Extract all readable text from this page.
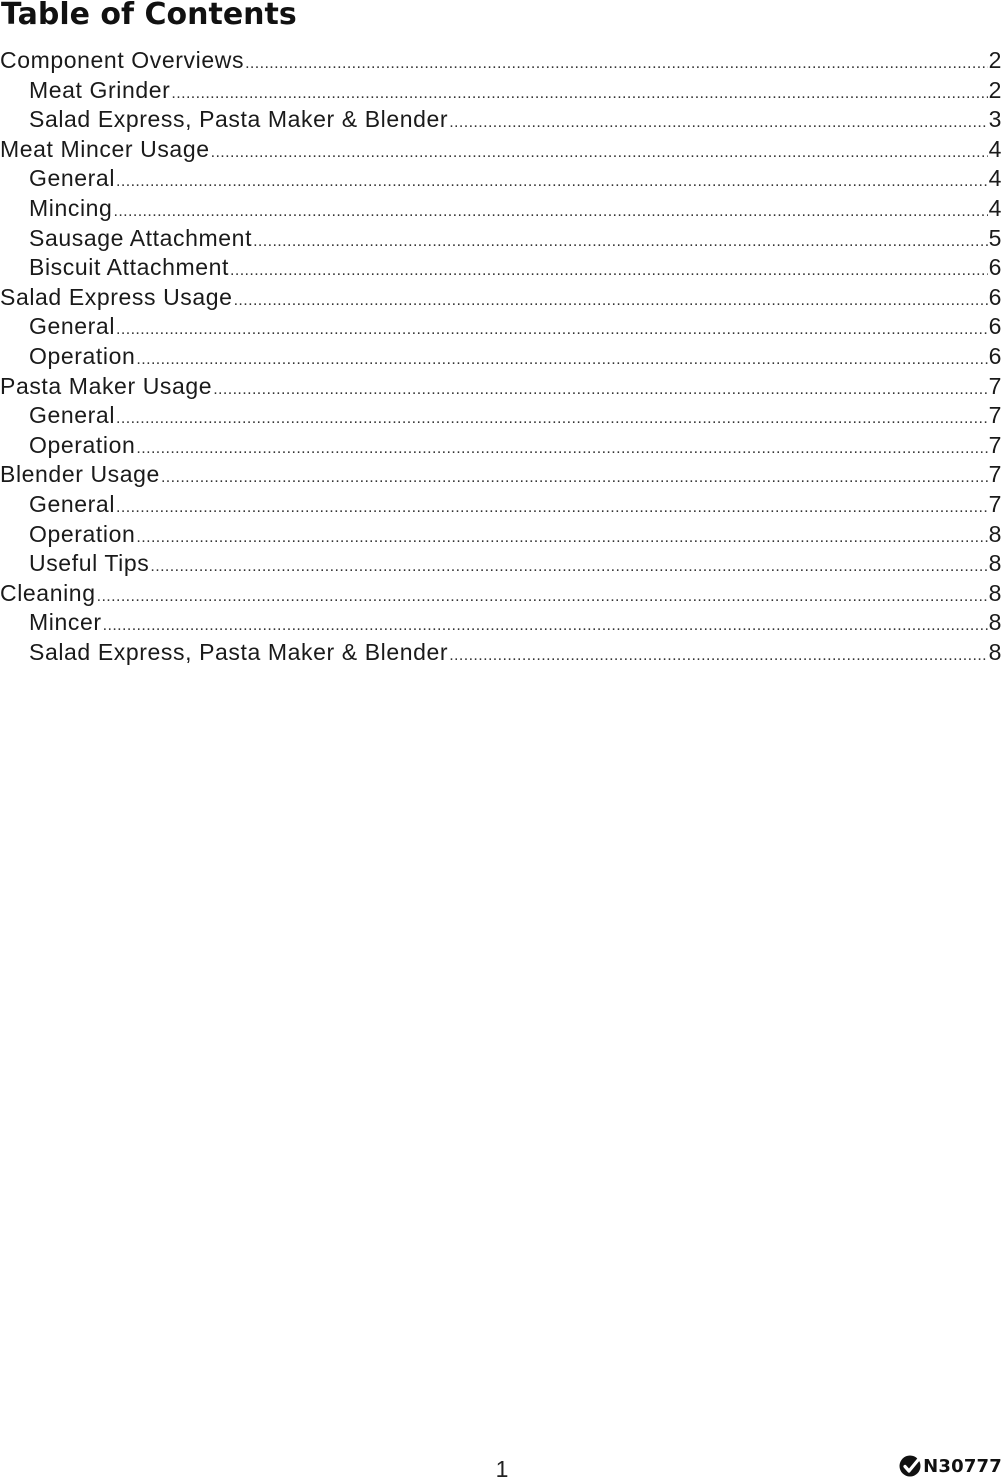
Table of Contents
Component Overviews .....	2
Meat Grinder .....	2
Salad Express, Pasta Maker & Blender .....	3
Meat Mincer Usage .....	4
General .....	4
Mincing .....	4
Sausage Attachment .....	5
Biscuit Attachment .....	6
Salad Express Usage .....	6
General .....	6
Operation .....	6
Pasta Maker Usage .....	7
General .....	7
Operation .....	7
Blender Usage .....	7
General .....	7
Operation .....	8
Useful Tips .....	8
Cleaning .....	8
Mincer .....	8
Salad Express, Pasta Maker & Blender .....	8
1	N30777
